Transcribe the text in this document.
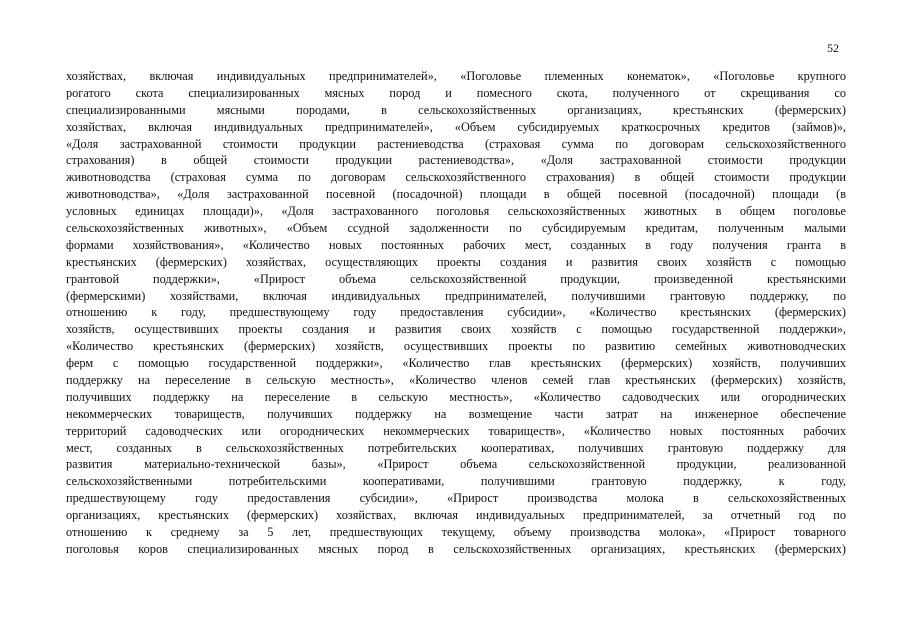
52
хозяйствах, включая индивидуальных предпринимателей», «Поголовье племенных конематок», «Поголовье крупного
рогатого скота специализированных мясных пород и помесного скота, полученного от скрещивания со
специализированными мясными породами, в сельскохозяйственных организациях, крестьянских (фермерских)
хозяйствах, включая индивидуальных предпринимателей», «Объем субсидируемых краткосрочных кредитов (займов)»,
«Доля застрахованной стоимости продукции растениеводства (страховая сумма по договорам сельскохозяйственного
страхования) в общей стоимости продукции растениеводства», «Доля застрахованной стоимости продукции
животноводства (страховая сумма по договорам сельскохозяйственного страхования) в общей стоимости продукции
животноводства», «Доля застрахованной посевной (посадочной) площади в общей посевной (посадочной) площади (в
условных единицах площади)», «Доля застрахованного поголовья сельскохозяйственных животных в общем поголовье
сельскохозяйственных животных», «Объем ссудной задолженности по субсидируемым кредитам, полученным малыми
формами хозяйствования», «Количество новых постоянных рабочих мест, созданных в году получения гранта в
крестьянских (фермерских) хозяйствах, осуществляющих проекты создания и развития своих хозяйств с помощью
грантовой поддержки», «Прирост объема сельскохозяйственной продукции, произведенной крестьянскими
(фермерскими) хозяйствами, включая индивидуальных предпринимателей, получившими грантовую поддержку, по
отношению к году, предшествующему году предоставления субсидии», «Количество крестьянских (фермерских)
хозяйств, осуществивших проекты создания и развития своих хозяйств с помощью государственной поддержки»,
«Количество крестьянских (фермерских) хозяйств, осуществивших проекты по развитию семейных животноводческих
ферм с помощью государственной поддержки», «Количество глав крестьянских (фермерских) хозяйств, получивших
поддержку на переселение в сельскую местность», «Количество членов семей глав крестьянских (фермерских) хозяйств,
получивших поддержку на переселение в сельскую местность», «Количество садоводческих или огороднических
некоммерческих товариществ, получивших поддержку на возмещение части затрат на инженерное обеспечение
территорий садоводческих или огороднических некоммерческих товариществ», «Количество новых постоянных рабочих
мест, созданных в сельскохозяйственных потребительских кооперативах, получивших грантовую поддержку для
развития материально-технической базы», «Прирост объема сельскохозяйственной продукции, реализованной
сельскохозяйственными потребительскими кооперативами, получившими грантовую поддержку, к году,
предшествующему году предоставления субсидии», «Прирост производства молока в сельскохозяйственных
организациях, крестьянских (фермерских) хозяйствах, включая индивидуальных предпринимателей, за отчетный год по
отношению к среднему за 5 лет, предшествующих текущему, объему производства молока», «Прирост товарного
поголовья коров специализированных мясных пород в сельскохозяйственных организациях, крестьянских (фермерских)
